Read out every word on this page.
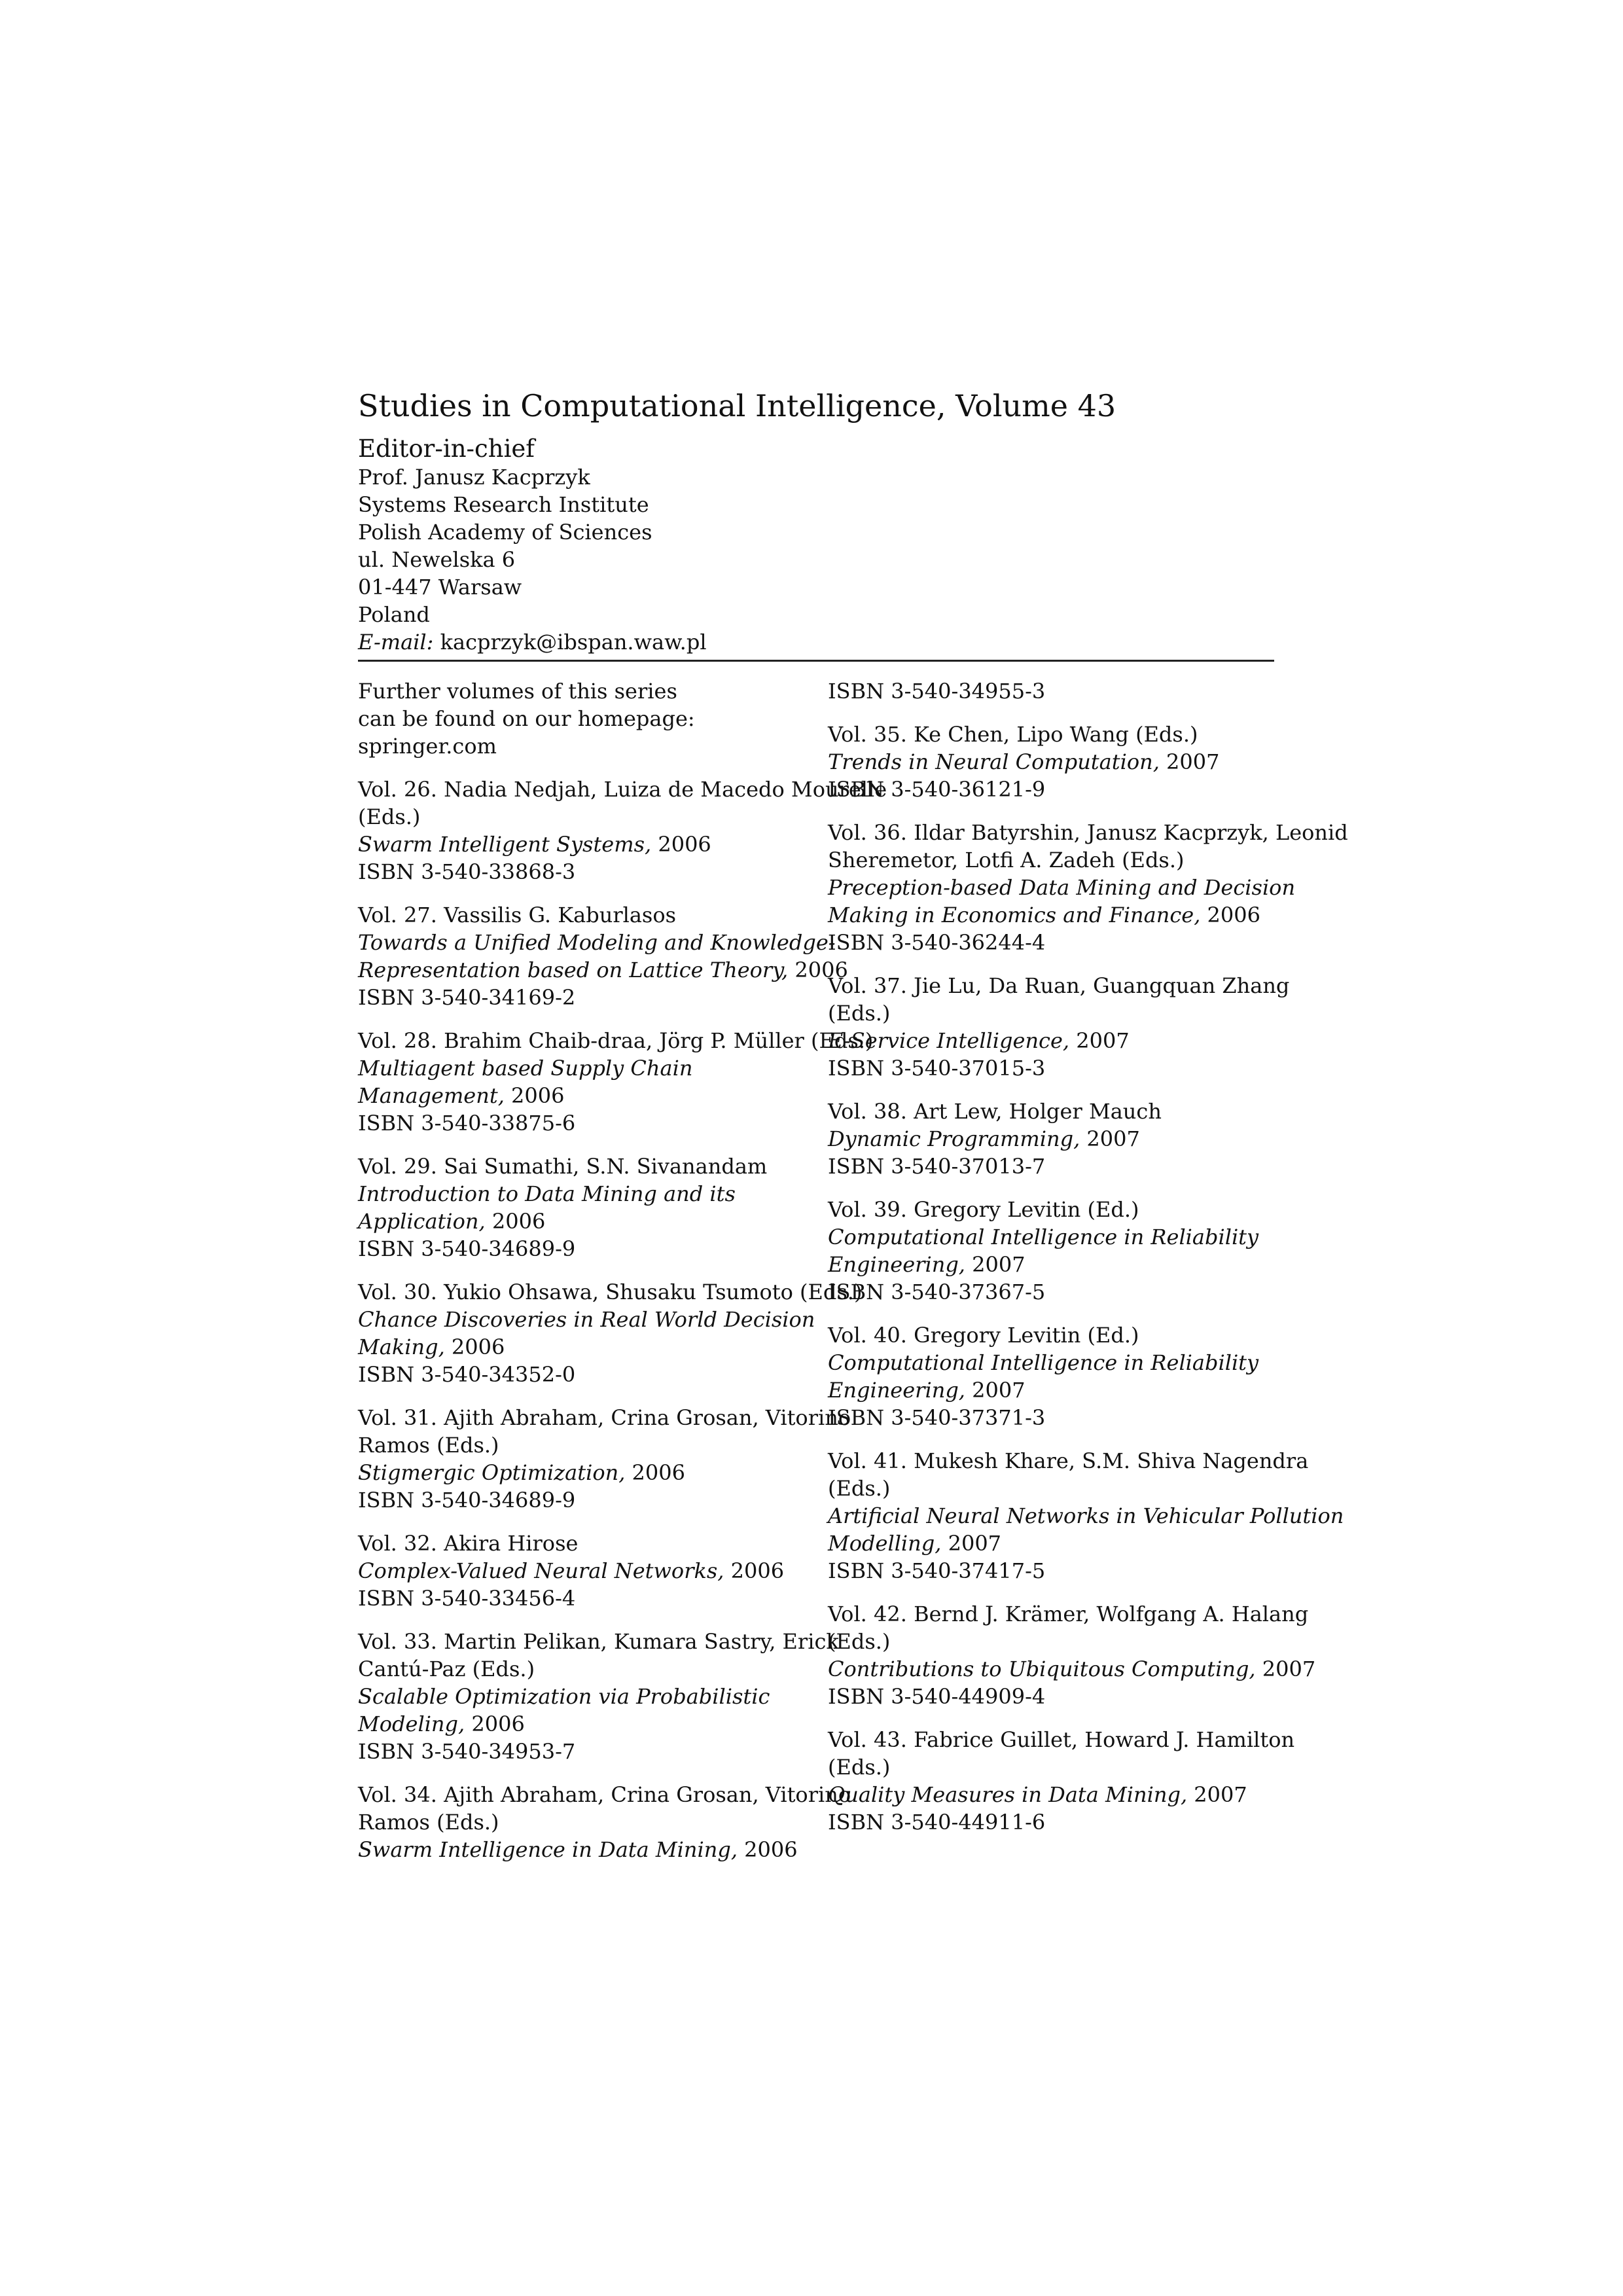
Studies in Computational Intelligence, Volume 43
Editor-in-chief
Prof. Janusz Kacprzyk
Systems Research Institute
Polish Academy of Sciences
ul. Newelska 6
01-447 Warsaw
Poland
E-mail: kacprzyk@ibspan.waw.pl
Further volumes of this series
can be found on our homepage:
springer.com
Vol. 26. Nadia Nedjah, Luiza de Macedo Mourelle
(Eds.)
Swarm Intelligent Systems, 2006
ISBN 3-540-33868-3
Vol. 27. Vassilis G. Kaburlasos
Towards a Unified Modeling and Knowledge-
Representation based on Lattice Theory, 2006
ISBN 3-540-34169-2
Vol. 28. Brahim Chaib-draa, Jörg P. Müller (Eds.)
Multiagent based Supply Chain
Management, 2006
ISBN 3-540-33875-6
Vol. 29. Sai Sumathi, S.N. Sivanandam
Introduction to Data Mining and its
Application, 2006
ISBN 3-540-34689-9
Vol. 30. Yukio Ohsawa, Shusaku Tsumoto (Eds.)
Chance Discoveries in Real World Decision
Making, 2006
ISBN 3-540-34352-0
Vol. 31. Ajith Abraham, Crina Grosan, Vitorino
Ramos (Eds.)
Stigmergic Optimization, 2006
ISBN 3-540-34689-9
Vol. 32. Akira Hirose
Complex-Valued Neural Networks, 2006
ISBN 3-540-33456-4
Vol. 33. Martin Pelikan, Kumara Sastry, Erick
Cantú-Paz (Eds.)
Scalable Optimization via Probabilistic
Modeling, 2006
ISBN 3-540-34953-7
Vol. 34. Ajith Abraham, Crina Grosan, Vitorino
Ramos (Eds.)
Swarm Intelligence in Data Mining, 2006
ISBN 3-540-34955-3
Vol. 35. Ke Chen, Lipo Wang (Eds.)
Trends in Neural Computation, 2007
ISBN 3-540-36121-9
Vol. 36. Ildar Batyrshin, Janusz Kacprzyk, Leonid
Sheremetor, Lotfi A. Zadeh (Eds.)
Preception-based Data Mining and Decision
Making in Economics and Finance, 2006
ISBN 3-540-36244-4
Vol. 37. Jie Lu, Da Ruan, Guangquan Zhang
(Eds.)
E-Service Intelligence, 2007
ISBN 3-540-37015-3
Vol. 38. Art Lew, Holger Mauch
Dynamic Programming, 2007
ISBN 3-540-37013-7
Vol. 39. Gregory Levitin (Ed.)
Computational Intelligence in Reliability
Engineering, 2007
ISBN 3-540-37367-5
Vol. 40. Gregory Levitin (Ed.)
Computational Intelligence in Reliability
Engineering, 2007
ISBN 3-540-37371-3
Vol. 41. Mukesh Khare, S.M. Shiva Nagendra
(Eds.)
Artificial Neural Networks in Vehicular Pollution
Modelling, 2007
ISBN 3-540-37417-5
Vol. 42. Bernd J. Krämer, Wolfgang A. Halang
(Eds.)
Contributions to Ubiquitous Computing, 2007
ISBN 3-540-44909-4
Vol. 43. Fabrice Guillet, Howard J. Hamilton
(Eds.)
Quality Measures in Data Mining, 2007
ISBN 3-540-44911-6
